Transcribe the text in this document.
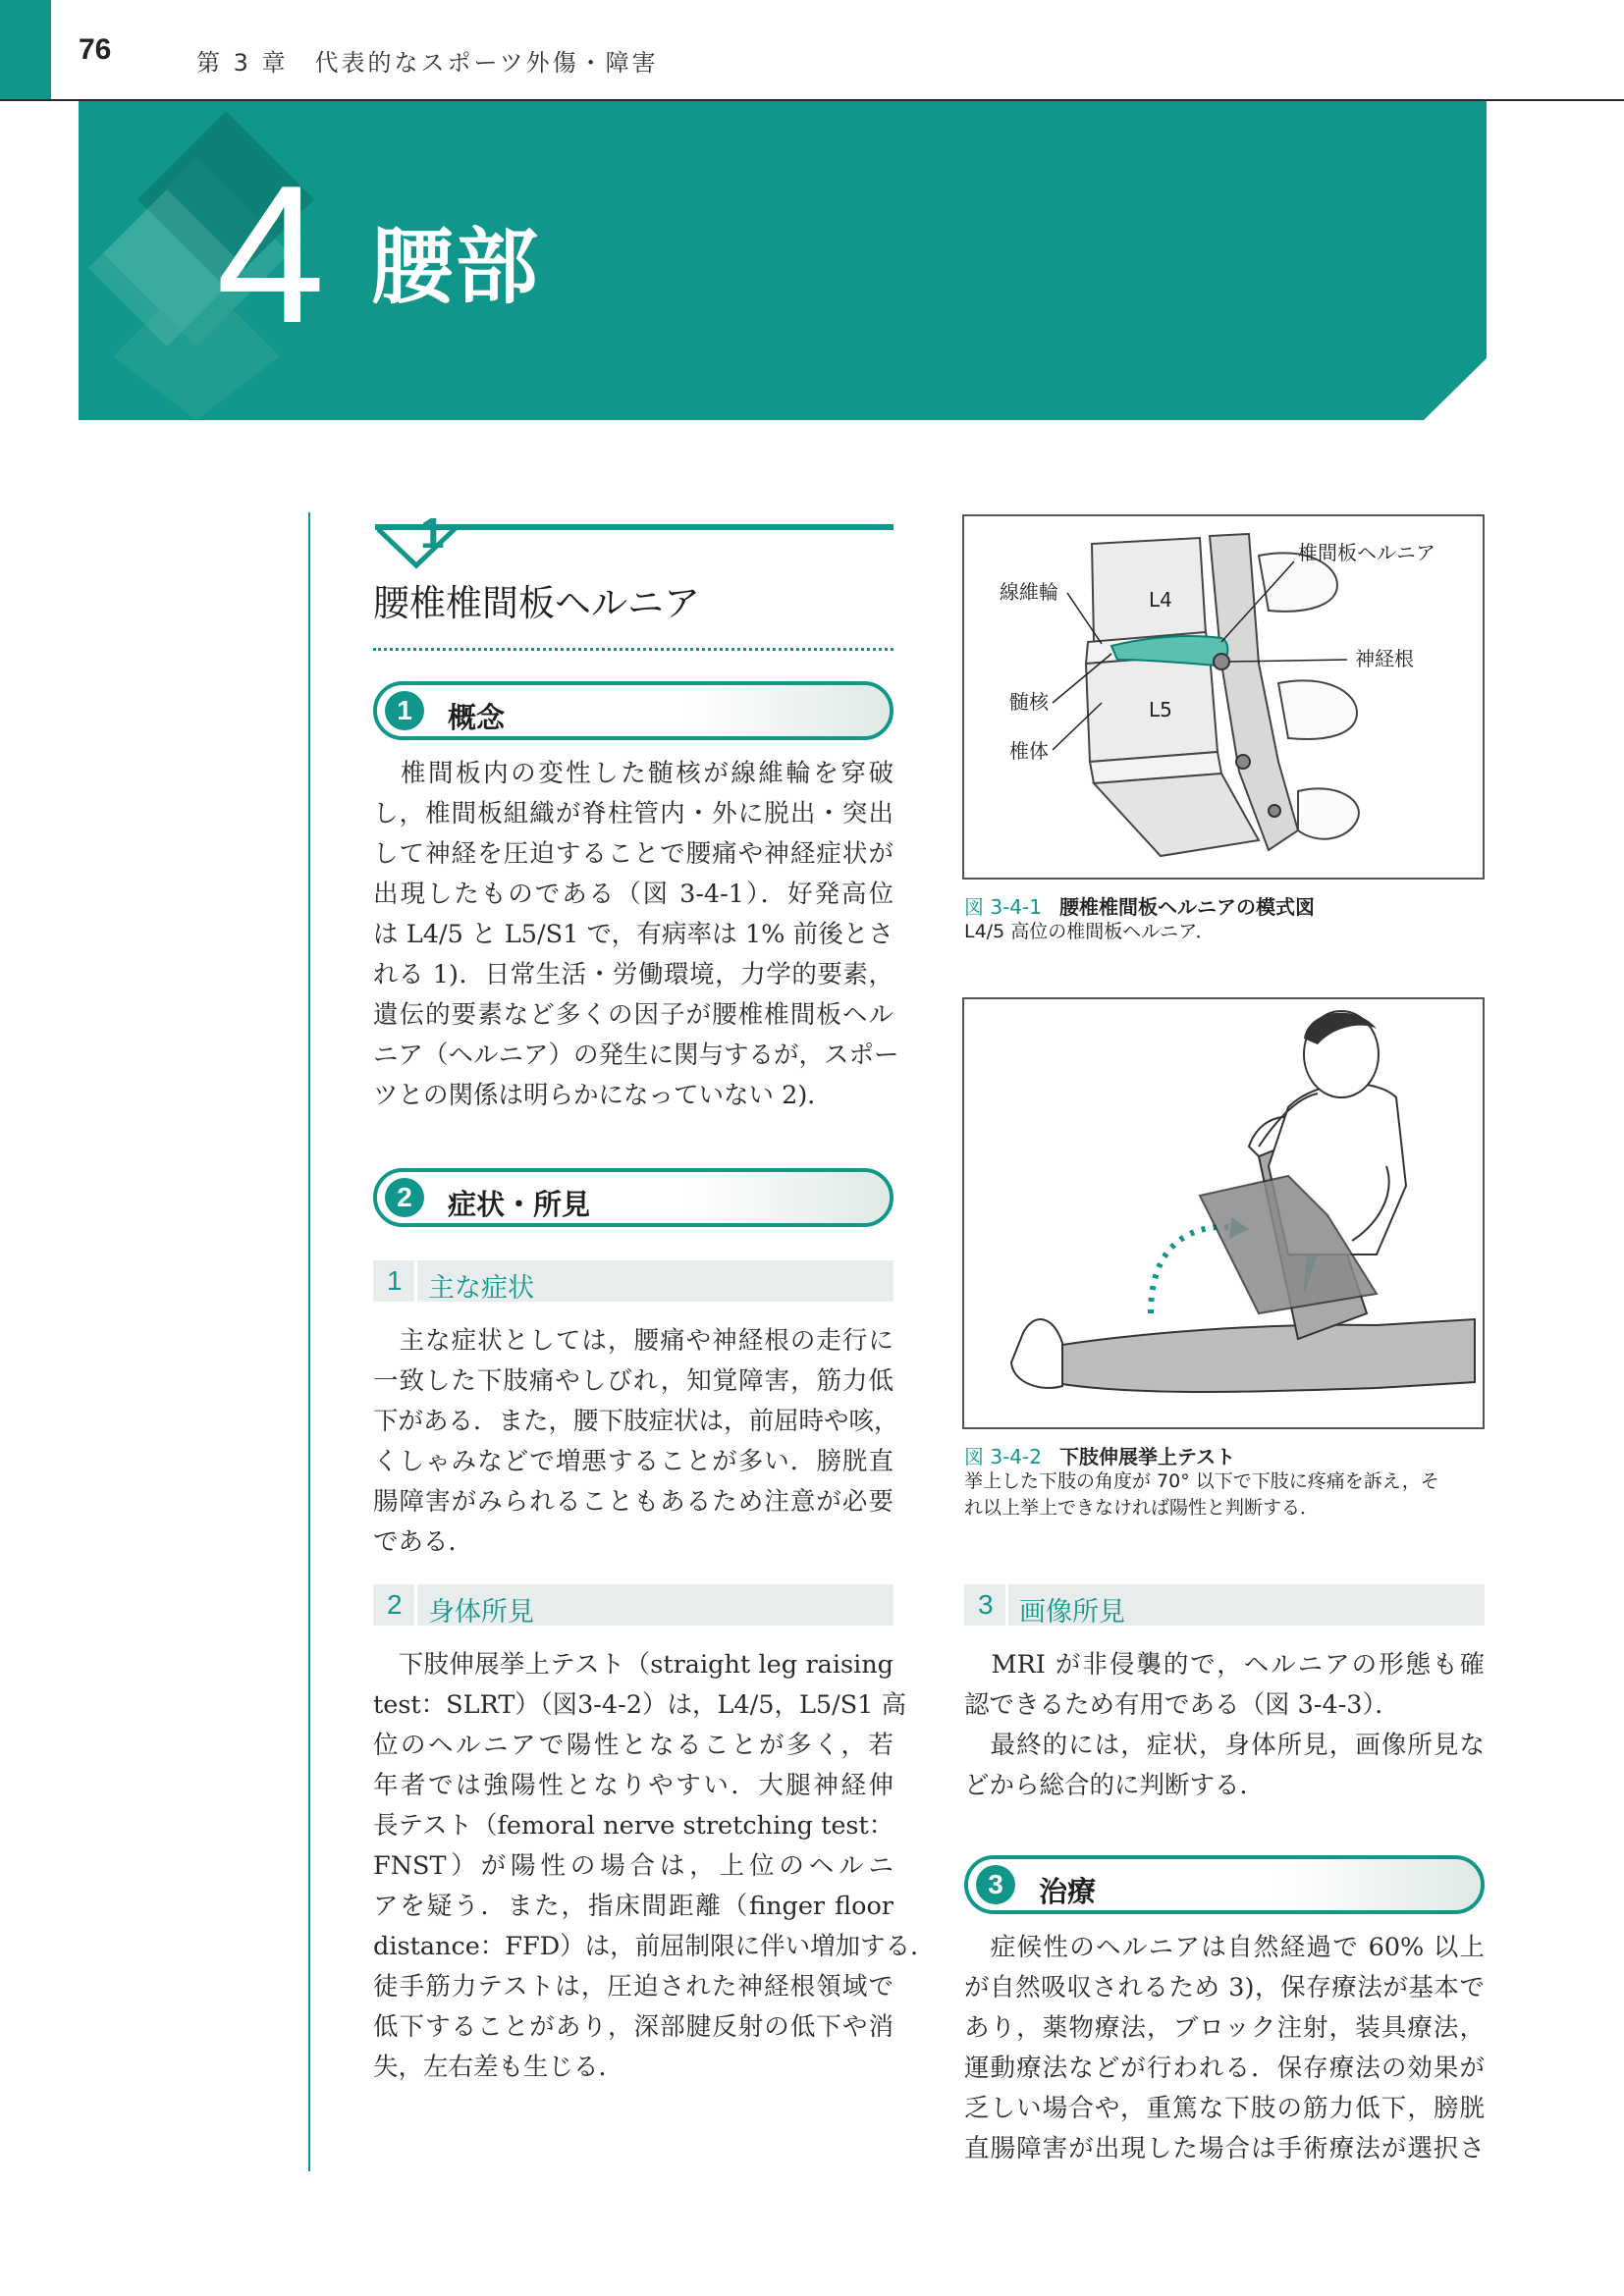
76	第 3 章　代表的なスポーツ外傷・障害
4 腰部
1
腰椎椎間板ヘルニア
1	概念
　椎間板内の変性した髄核が線維輪を穿破
し，椎間板組織が脊柱管内・外に脱出・突出
して神経を圧迫することで腰痛や神経症状が
出現したものである（図 3-4-1）．好発高位
は L4/5 と L5/S1 で，有病率は 1% 前後とさ
れる 1)．日常生活・労働環境，力学的要素，
遺伝的要素など多くの因子が腰椎椎間板ヘル
ニア（ヘルニア）の発生に関与するが，スポー
ツとの関係は明らかになっていない 2)．
2	症状・所見
1 主な症状
　主な症状としては，腰痛や神経根の走行に
一致した下肢痛やしびれ，知覚障害，筋力低
下がある．また，腰下肢症状は，前屈時や咳，
くしゃみなどで増悪することが多い．膀胱直
腸障害がみられることもあるため注意が必要
である．
2 身体所見
　下肢伸展挙上テスト（straight leg raising
test：SLRT）（図3-4-2）は，L4/5，L5/S1 高
位のヘルニアで陽性となることが多く，若
年者では強陽性となりやすい．大腿神経伸
長テスト（femoral nerve stretching test：
FNST）が陽性の場合は，上位のヘルニ
アを疑う．また，指床間距離（finger floor
distance：FFD）は，前屈制限に伴い増加する．
徒手筋力テストは，圧迫された神経根領域で
低下することがあり，深部腱反射の低下や消
失，左右差も生じる．
線維輪	L4
L5
髄核
椎体
椎間板ヘルニア
神経根
図 3-4-1 腰椎椎間板ヘルニアの模式図
L4/5 高位の椎間板ヘルニア．
図 3-4-2 下肢伸展挙上テスト
挙上した下肢の角度が 70° 以下で下肢に疼痛を訴え，そ
れ以上挙上できなければ陽性と判断する．
3 画像所見
　MRI が非侵襲的で，ヘルニアの形態も確
認できるため有用である（図 3-4-3）．
　最終的には，症状，身体所見，画像所見な
どから総合的に判断する．
3	治療
　症候性のヘルニアは自然経過で 60% 以上
が自然吸収されるため 3)，保存療法が基本で
あり，薬物療法，ブロック注射，装具療法，
運動療法などが行われる．保存療法の効果が
乏しい場合や，重篤な下肢の筋力低下，膀胱
直腸障害が出現した場合は手術療法が選択さ
